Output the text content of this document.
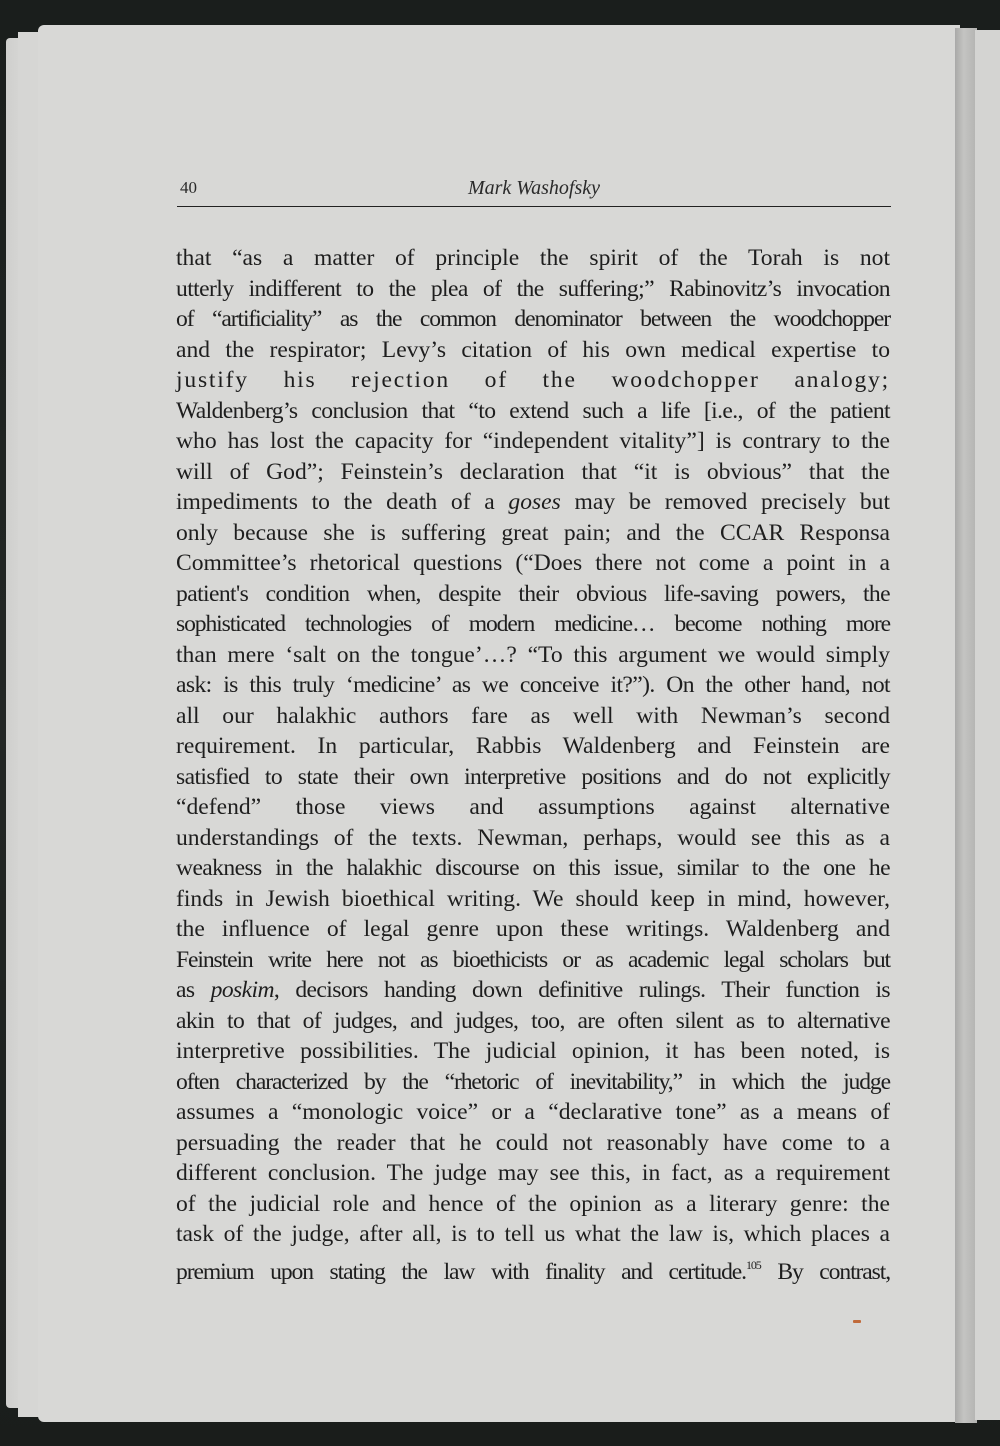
40	Mark Washofsky
that “as a matter of principle the spirit of the Torah is not
utterly indifferent to the plea of the suffering;” Rabinovitz’s invocation
of “artificiality” as the common denominator between the woodchopper
and the respirator; Levy’s citation of his own medical expertise to
justify his rejection of the woodchopper analogy;
Waldenberg’s conclusion that “to extend such a life [i.e., of the patient
who has lost the capacity for “independent vitality”] is contrary to the
will of God”; Feinstein’s declaration that “it is obvious” that the
impediments to the death of a goses may be removed precisely but
only because she is suffering great pain; and the CCAR Responsa
Committee’s rhetorical questions (“Does there not come a point in a
patient's condition when, despite their obvious life-saving powers, the
sophisticated technologies of modern medicine… become nothing more
than mere ‘salt on the tongue’…? “To this argument we would simply
ask: is this truly ‘medicine’ as we conceive it?”). On the other hand, not
all our halakhic authors fare as well with Newman’s second
requirement. In particular, Rabbis Waldenberg and Feinstein are
satisfied to state their own interpretive positions and do not explicitly
“defend” those views and assumptions against alternative
understandings of the texts. Newman, perhaps, would see this as a
weakness in the halakhic discourse on this issue, similar to the one he
finds in Jewish bioethical writing. We should keep in mind, however,
the influence of legal genre upon these writings. Waldenberg and
Feinstein write here not as bioethicists or as academic legal scholars but
as poskim, decisors handing down definitive rulings. Their function is
akin to that of judges, and judges, too, are often silent as to alternative
interpretive possibilities. The judicial opinion, it has been noted, is
often characterized by the “rhetoric of inevitability,” in which the judge
assumes a “monologic voice” or a “declarative tone” as a means of
persuading the reader that he could not reasonably have come to a
different conclusion. The judge may see this, in fact, as a requirement
of the judicial role and hence of the opinion as a literary genre: the
task of the judge, after all, is to tell us what the law is, which places a
premium upon stating the law with finality and certitude.$^{105}$ By contrast,
